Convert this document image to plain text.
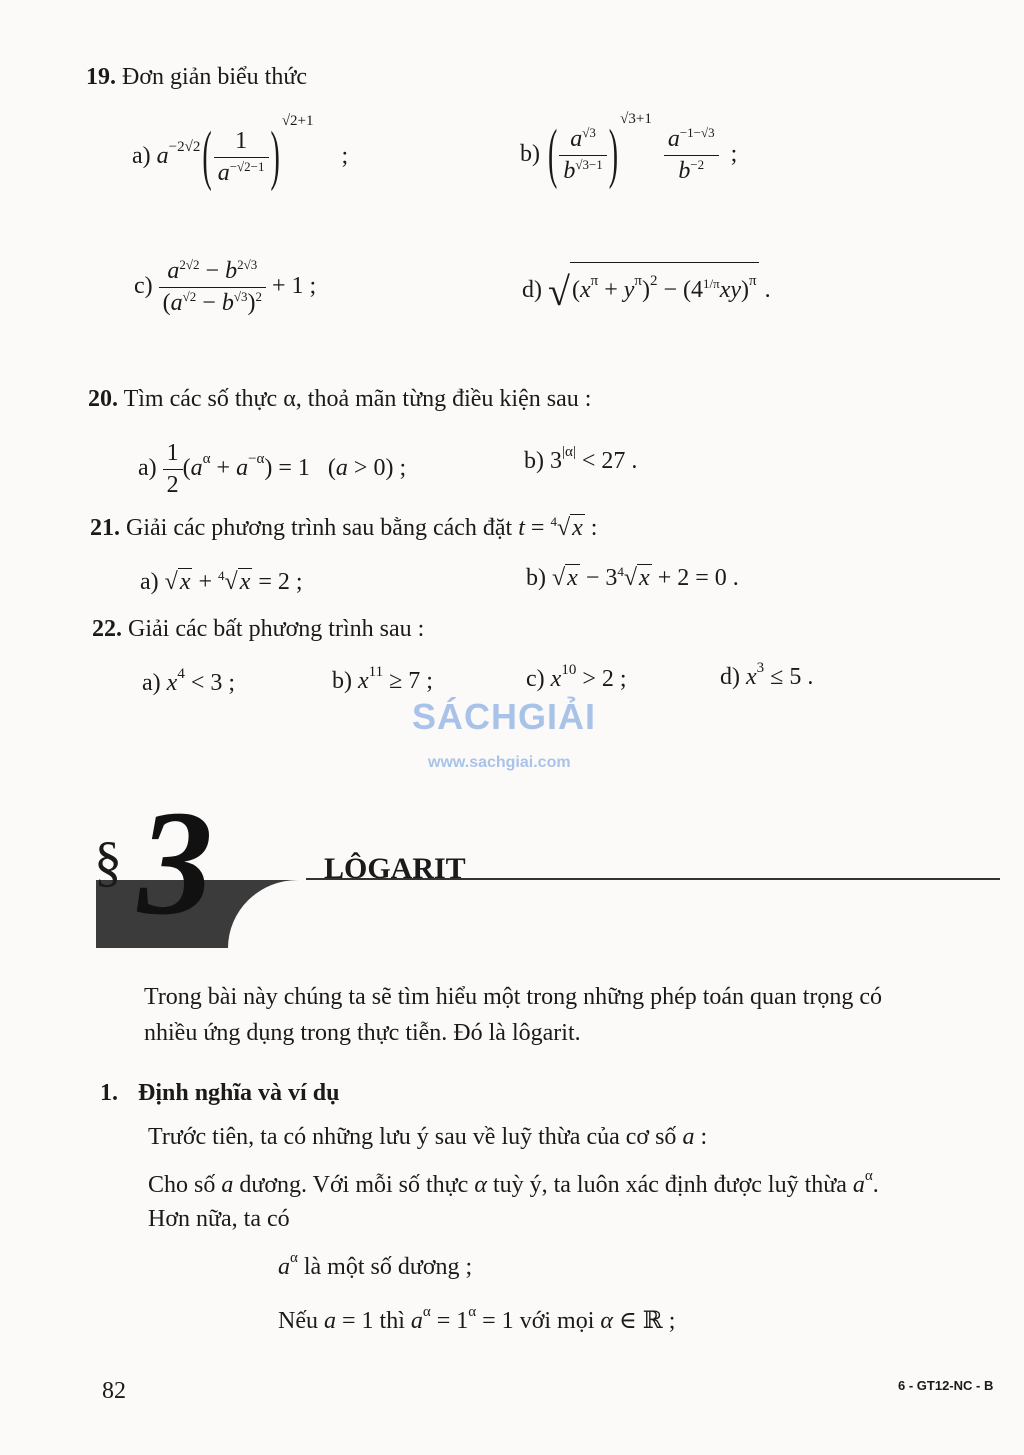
19. Đơn giản biểu thức
a) $a^{-2√2}( \frac{1}{a^{-√2-1}}$ ) $^{√2+1}$ ;	b) ( $\frac{a^{√3}}{b^{√3-1}}$ ) $^{√3+1}$
$\frac{a^{-1-√3}}{b^{-2}}$ ;
$c) \frac{a^{2√2} - b^{2√3}}{(a^{√2} - b^{√3})^2} + 1$ ;	d) $√(x^\pi + y^\pi)^2 - (4^{1/\pi}xy)^\pi$ .
20. Tìm các số thực α, thoả mãn từng điều kiện sau :
$a) \frac{1}{2} (a^\alpha + a^{-\alpha}) = 1$   (a > 0) ;	b) $3^{|\alpha|} < 27$ .
21. Giải các phương trình sau bằng cách đặt t = $^4$√x :
a) √x + $^4$√x = 2 ;	b) $√x - 3^4√x + 2 = 0$ .
22. Giải các bất phương trình sau :
a) $x^4 < 3$ ;	b) $x^{11} \ge 7$ ;	c) $x^{10} > 2$ ;	d) $x^3 \le 5$ .
SÁCHGIẢI
www.sachgiai.com
§ 3	LÔGARIT
Trong bài này chúng ta sẽ tìm hiểu một trong những phép toán quan trọng có
nhiều ứng dụng trong thực tiễn. Đó là lôgarit.
1. Định nghĩa và ví dụ
Trước tiên, ta có những lưu ý sau về luỹ thừa của cơ số a :
Cho số a dương. Với mỗi số thực α tuỳ ý, ta luôn xác định được luỹ thừa $a^\alpha$.
Hơn nữa, ta có
$a^\alpha$ là một số dương ;
Nếu a = 1 thì $a^\alpha = 1^\alpha = 1$ với mọi α ∈ ℝ ;
82	6 - GT12-NC - B
